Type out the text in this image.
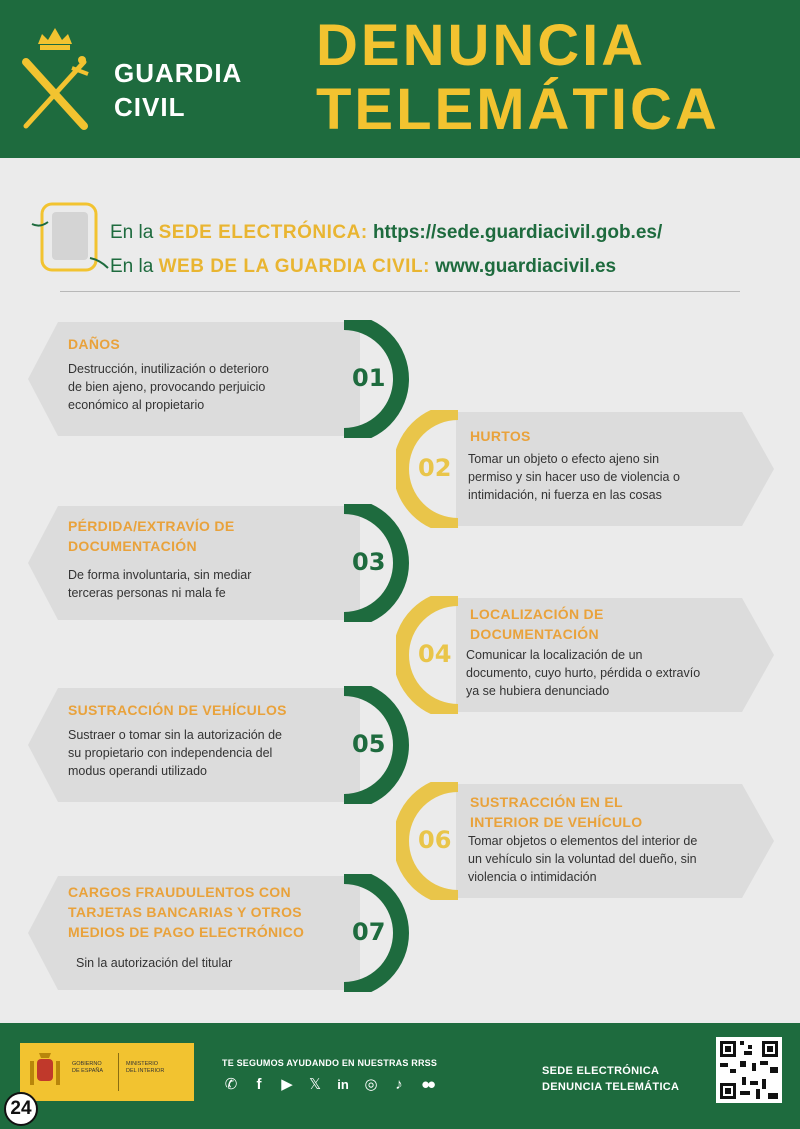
GUARDIA
CIVIL
DENUNCIA
TELEMÁTICA
En la SEDE ELECTRÓNICA: https://sede.guardiacivil.gob.es/
En la WEB DE LA GUARDIA CIVIL: www.guardiacivil.es
01
DAÑOS
Destrucción, inutilización o deterioro
de bien ajeno, provocando perjuicio
económico al propietario
02
HURTOS
Tomar un objeto o efecto ajeno sin
permiso y sin hacer uso de violencia o
intimidación, ni fuerza en las cosas
03
PÉRDIDA/EXTRAVÍO DE
DOCUMENTACIÓN
De forma involuntaria, sin mediar
terceras personas ni mala fe
04
LOCALIZACIÓN DE
DOCUMENTACIÓN
Comunicar la localización de un
documento, cuyo hurto, pérdida o extravío
ya se hubiera denunciado
05
SUSTRACCIÓN DE VEHÍCULOS
Sustraer o tomar sin la autorización de
su propietario con independencia del
modus operandi utilizado
06
SUSTRACCIÓN EN EL
INTERIOR DE VEHÍCULO
Tomar objetos o elementos del interior de
un vehículo sin la voluntad del dueño, sin
violencia o intimidación
07
CARGOS FRAUDULENTOS CON
TARJETAS BANCARIAS Y OTROS
MEDIOS DE PAGO ELECTRÓNICO
Sin la autorización del titular
GOBIERNO
DE ESPAÑA
MINISTERIO
DEL INTERIOR
TE SEGUMOS AYUDANDO EN NUESTRAS RRSS
✆	f	▶ 𝕏 in ◎	♪	●●
SEDE ELECTRÓNICA
DENUNCIA TELEMÁTICA
24
